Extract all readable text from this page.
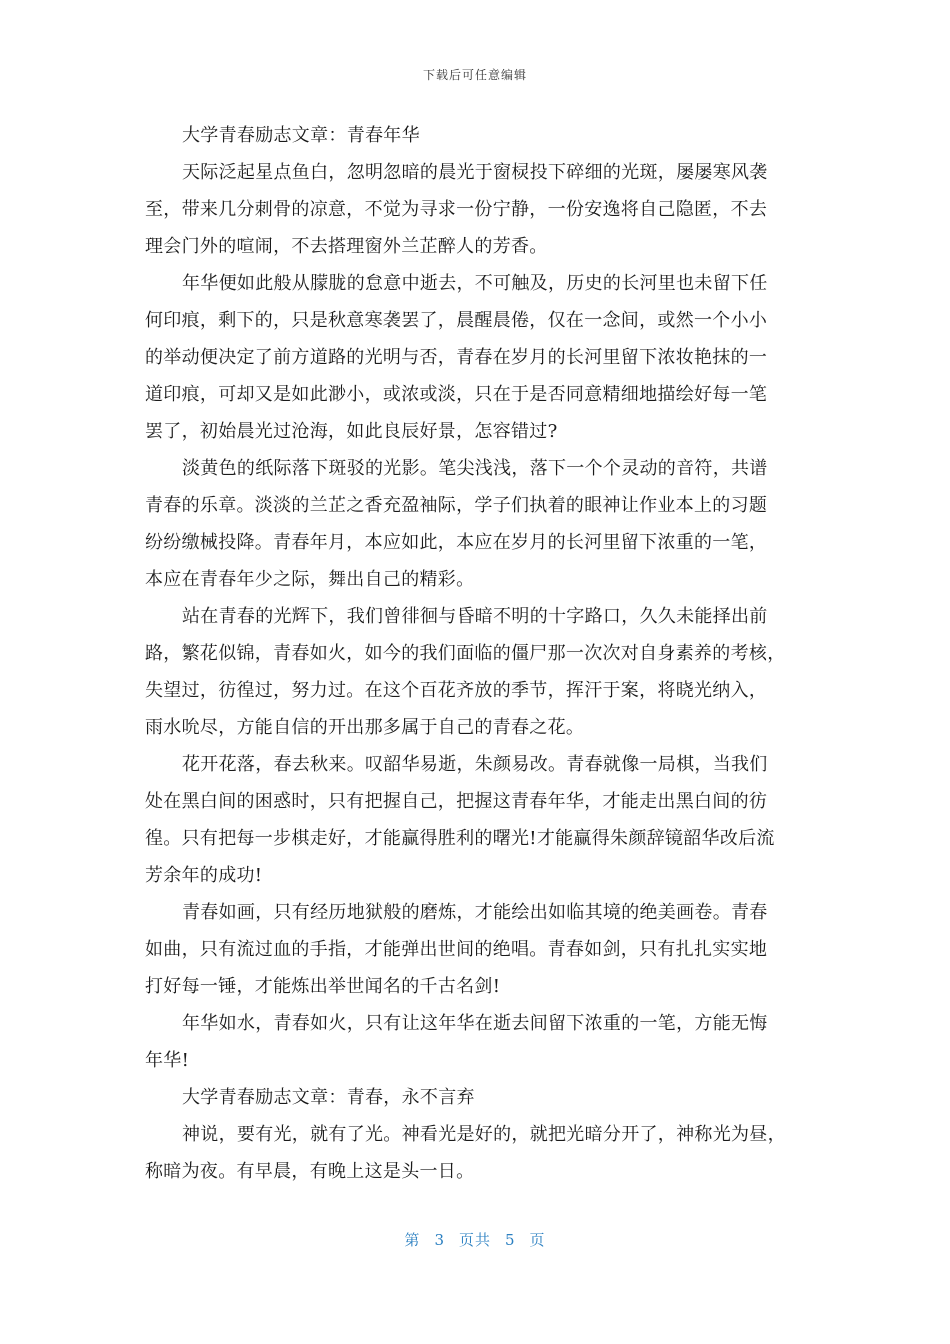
下载后可任意编辑
大学青春励志文章：青春年华
天际泛起星点鱼白，忽明忽暗的晨光于窗棂投下碎细的光斑，屡屡寒风袭
至，带来几分刺骨的凉意，不觉为寻求一份宁静，一份安逸将自己隐匿，不去
理会门外的喧闹，不去搭理窗外兰芷醉人的芳香。
年华便如此般从朦胧的怠意中逝去，不可触及，历史的长河里也未留下任
何印痕，剩下的，只是秋意寒袭罢了，晨醒晨倦，仅在一念间，或然一个小小
的举动便决定了前方道路的光明与否，青春在岁月的长河里留下浓妆艳抹的一
道印痕，可却又是如此渺小，或浓或淡，只在于是否同意精细地描绘好每一笔
罢了，初始晨光过沧海，如此良辰好景，怎容错过?
淡黄色的纸际落下斑驳的光影。笔尖浅浅，落下一个个灵动的音符，共谱
青春的乐章。淡淡的兰芷之香充盈袖际，学子们执着的眼神让作业本上的习题
纷纷缴械投降。青春年月，本应如此，本应在岁月的长河里留下浓重的一笔，
本应在青春年少之际，舞出自己的精彩。
站在青春的光辉下，我们曾徘徊与昏暗不明的十字路口，久久未能择出前
路，繁花似锦，青春如火，如今的我们面临的僵尸那一次次对自身素养的考核，
失望过，彷徨过，努力过。在这个百花齐放的季节，挥汗于案，将晓光纳入，
雨水吮尽，方能自信的开出那多属于自己的青春之花。
花开花落，春去秋来。叹韶华易逝，朱颜易改。青春就像一局棋，当我们
处在黑白间的困惑时，只有把握自己，把握这青春年华，才能走出黑白间的彷
徨。只有把每一步棋走好，才能赢得胜利的曙光!才能赢得朱颜辞镜韶华改后流
芳余年的成功!
青春如画，只有经历地狱般的磨炼，才能绘出如临其境的绝美画卷。青春
如曲，只有流过血的手指，才能弹出世间的绝唱。青春如剑，只有扎扎实实地
打好每一锤，才能炼出举世闻名的千古名剑!
年华如水，青春如火，只有让这年华在逝去间留下浓重的一笔，方能无悔
年华!
大学青春励志文章：青春，永不言弃
神说，要有光，就有了光。神看光是好的，就把光暗分开了，神称光为昼，
称暗为夜。有早晨，有晚上这是头一日。
第 3 页共 5 页
